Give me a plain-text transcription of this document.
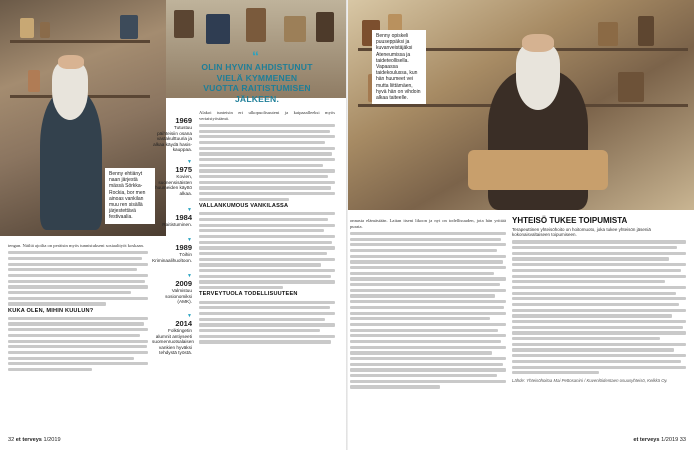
Benny ehtiänyt naan järjestä mässä Sörkka-Rockia, bor men ainoas vankilan muu ren sisällä järjestettävä festivaalia.
“
OLIN HYVIN AHDISTUNUT VIELÄ KYMMENEN VUOTTA RAITISTUMISEN JÄLKEEN.
1969
Tutustuu päihteisiin osana vastakulttuuria ja alkaa käydä hasis-kauppaa.
▼
1975
Kovien, suonensisäisten huumeiden käyttö alkaa.
▼
1984
Raitistuminen.
▼
1989
Töihin Kriminaalihuoltoon.
▼
2009
Valmistuu sosionomiksi (AMK).
▼
2014
Folktingetin alumnit antiyseeti suomenruotsalaisen vankien hyväksi tehdystä työstä.

tengan. Näiltä ajoilta on peräisin myös tunnistukseni sosiaalityöt koskaan.

KUKA OLEN, MIHIN KUULUN?

Alakoi tunteisin eri ulkopuolisuuteni ja kaipaaalleeksi myös vertaistyöstämä.

VALLANKUMOUS VANKILASSA
TERVEYTUOLA TODELLISUUTEEN
32 et terveys 1/2019
Benny opiskeli puuseppäksi ja kuvanveistäjäksi Ateneumissa ja taideteollisella. Vapaassa taidekoulussa, kun hän huumeet vei mutta liittämäen, hyvä hän on vihdoin alkaa taiteelle.

onnasta elämästään. Laitan itseni likoon ja nyt on todellisuuden, jota hän yrittää purata.

YHTEISÖ TUKEE TOIPUMISTA

Terapeuttinen yhteisöhoito on hoitomuoto, joka tukee yhteisön jäseniä kokonaisvaltaiseen toipumiseen.

Lähde: Yhteisöhoitoa Mai Pettosanini / Kuvenlöidentaen osuusyhteisö, Kelkkä Oy.
et terveys 1/2019 33
